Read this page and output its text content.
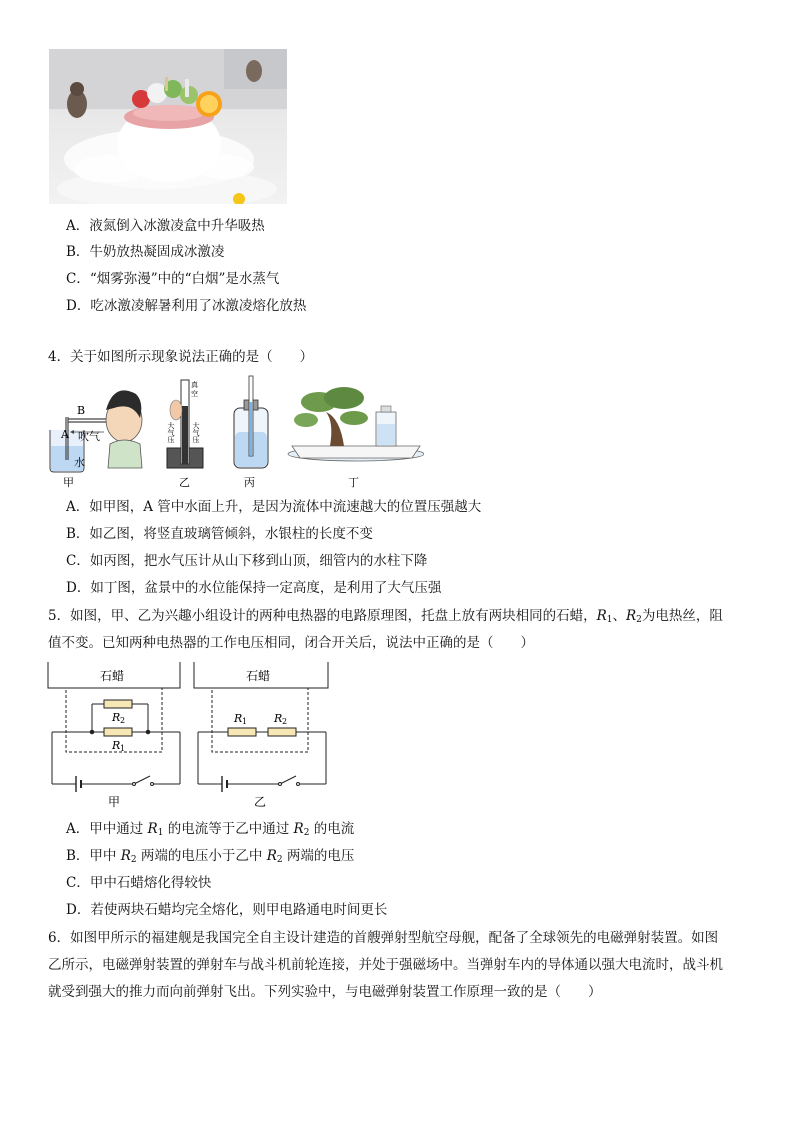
A．液氮倒入冰激凌盒中升华吸热
B．牛奶放热凝固成冰激凌
C．“烟雾弥漫”中的“白烟”是水蒸气
D．吃冰激凌解暑利用了冰激凌熔化放热
4．关于如图所示现象说法正确的是（　　）
B
A 吹气
水
甲
真
空
大气压 大气压
乙	丙	丁
A．如甲图，A 管中水面上升，是因为流体中流速越大的位置压强越大
B．如乙图，将竖直玻璃管倾斜，水银柱的长度不变
C．如丙图，把水气压计从山下移到山顶，细管内的水柱下降
D．如丁图，盆景中的水位能保持一定高度，是利用了大气压强
5．如图，甲、乙为兴趣小组设计的两种电热器的电路原理图，托盘上放有两块相同的石蜡，$R_1$、$R_2$为电热丝，阻
值不变。已知两种电热器的工作电压相同，闭合开关后，说法中正确的是（　　）
石蜡
R 2
R 1
甲
石蜡
R 1 R 2
乙
A．甲中通过 $R_1$ 的电流等于乙中通过 $R_2$ 的电流
B．甲中 $R_2$ 两端的电压小于乙中 $R_2$ 两端的电压
C．甲中石蜡熔化得较快
D．若使两块石蜡均完全熔化，则甲电路通电时间更长
6．如图甲所示的福建舰是我国完全自主设计建造的首艘弹射型航空母舰，配备了全球领先的电磁弹射装置。如图
乙所示，电磁弹射装置的弹射车与战斗机前轮连接，并处于强磁场中。当弹射车内的导体通以强大电流时，战斗机
就受到强大的推力而向前弹射飞出。下列实验中，与电磁弹射装置工作原理一致的是（　　）
